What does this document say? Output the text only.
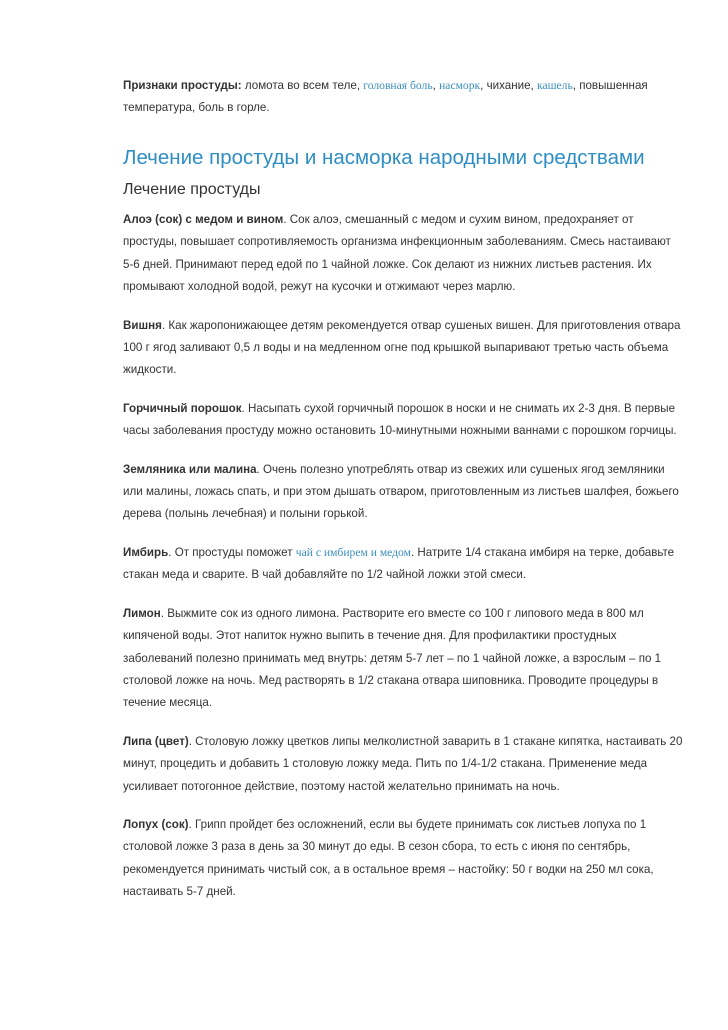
Признаки простуды: ломота во всем теле, головная боль, насморк, чихание, кашель, повышенная температура, боль в горле.

Лечение простуды и насморка народными средствами
Лечение простуды

Алоэ (сок) с медом и вином. Сок алоэ, смешанный с медом и сухим вином, предохраняет от простуды, повышает сопротивляемость организма инфекционным заболеваниям. Смесь настаивают 5-6 дней. Принимают перед едой по 1 чайной ложке. Сок делают из нижних листьев растения. Их промывают холодной водой, режут на кусочки и отжимают через марлю.

Вишня. Как жаропонижающее детям рекомендуется отвар сушеных вишен. Для приготовления отвара 100 г ягод заливают 0,5 л воды и на медленном огне под крышкой выпаривают третью часть объема жидкости.

Горчичный порошок. Насыпать сухой горчичный порошок в носки и не снимать их 2-3 дня. В первые часы заболевания простуду можно остановить 10-минутными ножными ваннами с порошком горчицы.

Земляника или малина. Очень полезно употреблять отвар из свежих или сушеных ягод земляники или малины, ложась спать, и при этом дышать отваром, приготовленным из листьев шалфея, божьего дерева (полынь лечебная) и полыни горькой.

Имбирь. От простуды поможет чай с имбирем и медом. Натрите 1/4 стакана имбиря на терке, добавьте стакан меда и сварите. В чай добавляйте по 1/2 чайной ложки этой смеси.

Лимон. Выжмите сок из одного лимона. Растворите его вместе со 100 г липового меда в 800 мл кипяченой воды. Этот напиток нужно выпить в течение дня. Для профилактики простудных заболеваний полезно принимать мед внутрь: детям 5-7 лет – по 1 чайной ложке, а взрослым – по 1 столовой ложке на ночь. Мед растворять в 1/2 стакана отвара шиповника. Проводите процедуры в течение месяца.

Липа (цвет). Столовую ложку цветков липы мелколистной заварить в 1 стакане кипятка, настаивать 20 минут, процедить и добавить 1 столовую ложку меда. Пить по 1/4-1/2 стакана. Применение меда усиливает потогонное действие, поэтому настой желательно принимать на ночь.

Лопух (сок). Грипп пройдет без осложнений, если вы будете принимать сок листьев лопуха по 1 столовой ложке 3 раза в день за 30 минут до еды. В сезон сбора, то есть с июня по сентябрь, рекомендуется принимать чистый сок, а в остальное время – настойку: 50 г водки на 250 мл сока, настаивать 5-7 дней.
